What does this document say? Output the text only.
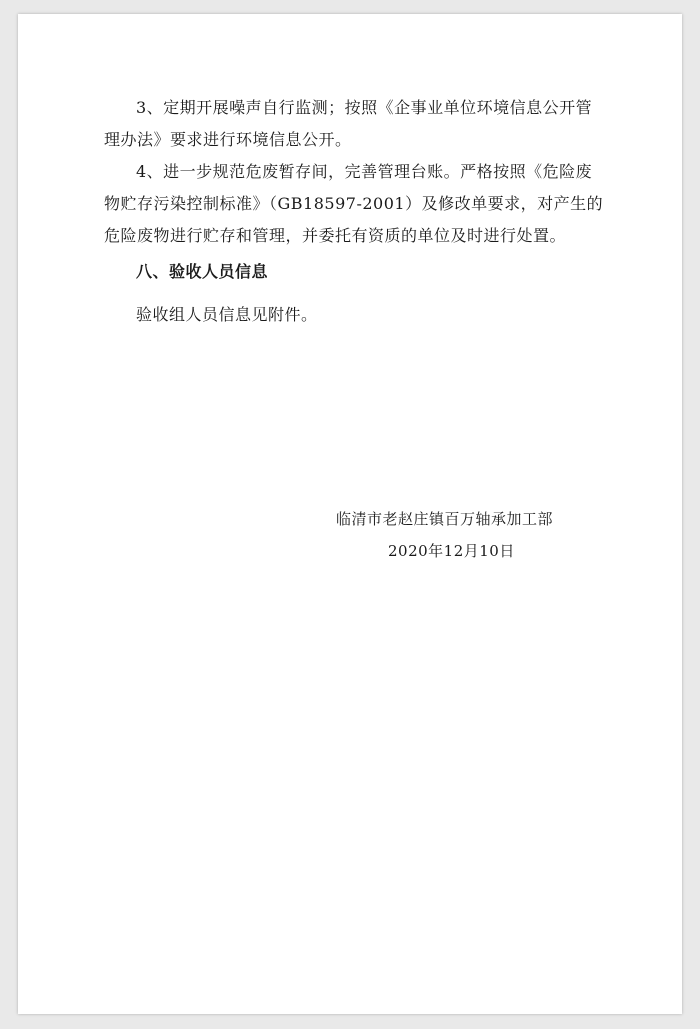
3、定期开展噪声自行监测；按照《企事业单位环境信息公开管
理办法》要求进行环境信息公开。
4、进一步规范危废暂存间，完善管理台账。严格按照《危险废
物贮存污染控制标准》（GB18597-2001）及修改单要求，对产生的
危险废物进行贮存和管理，并委托有资质的单位及时进行处置。

八、验收人员信息

验收组人员信息见附件。

临清市老赵庄镇百万轴承加工部

2020年12月10日
